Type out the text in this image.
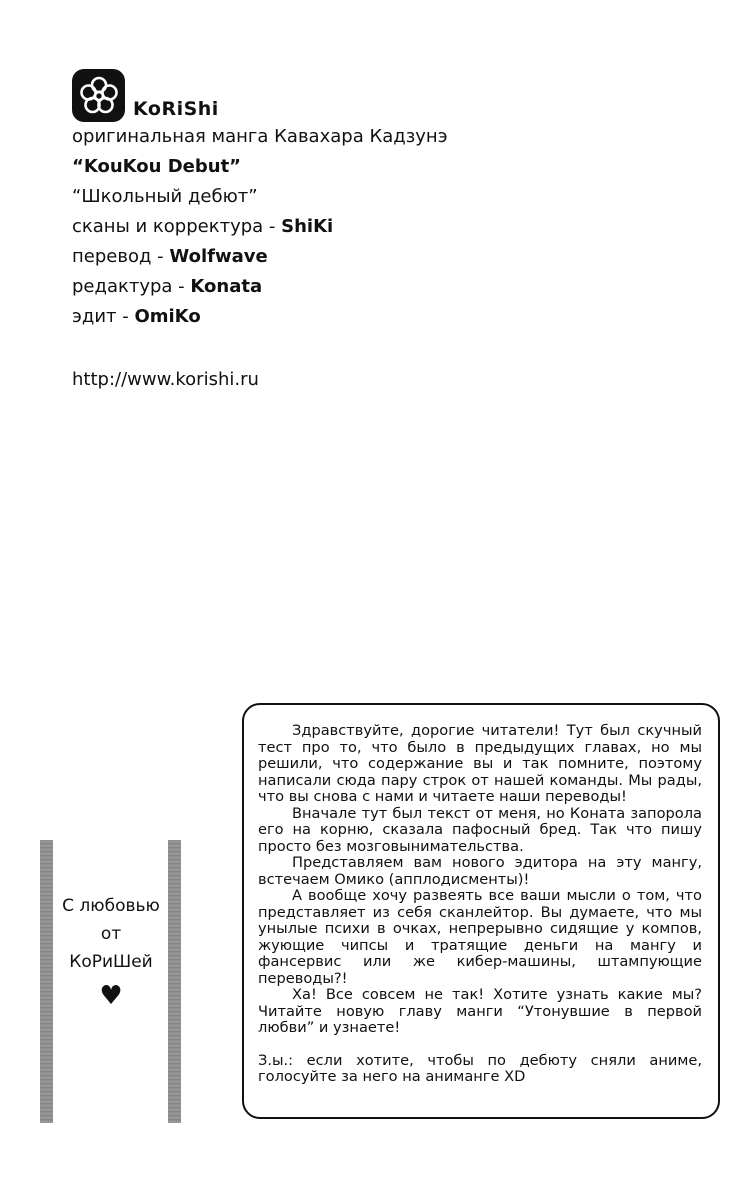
KoRiShi
оригинальная манга Кавахара Кадзунэ
“KouKou Debut”
“Школьный дебют”
сканы и корректура - ShiKi
перевод - Wolfwave
редактура - Konata
эдит - OmiKo
http://www.korishi.ru
С любовью
от
КоРиШей
♥

Здравствуйте, дорогие читатели! Тут был скучный тест про то, что было в предыдущих главах, но мы решили, что содержание вы и так помните, поэтому написали сюда пару строк от нашей команды. Мы рады, что вы снова с нами и читаете наши переводы!

Вначале тут был текст от меня, но Коната запоролa его на корню, сказала пафосный бред. Так что пишу просто без мозговынимательства.

Представляем вам нового эдитора на эту мангу, встечаем Омико (апплодисменты)!

А вообще хочу развеять все ваши мысли о том, что представляет из себя сканлейтор. Вы думаете, что мы унылые психи в очках, непрерывно сидящие у компов, жующие чипсы и тратящие деньги на мангу и фансервис или же кибер-машины, штампующие переводы?!

Ха! Все совсем не так! Хотите узнать какие мы? Читайте новую главу манги “Утонувшие в первой любви” и узнаете!

З.ы.: если хотите, чтобы по дебюту сняли аниме, голосуйте за него на анимангe XD
